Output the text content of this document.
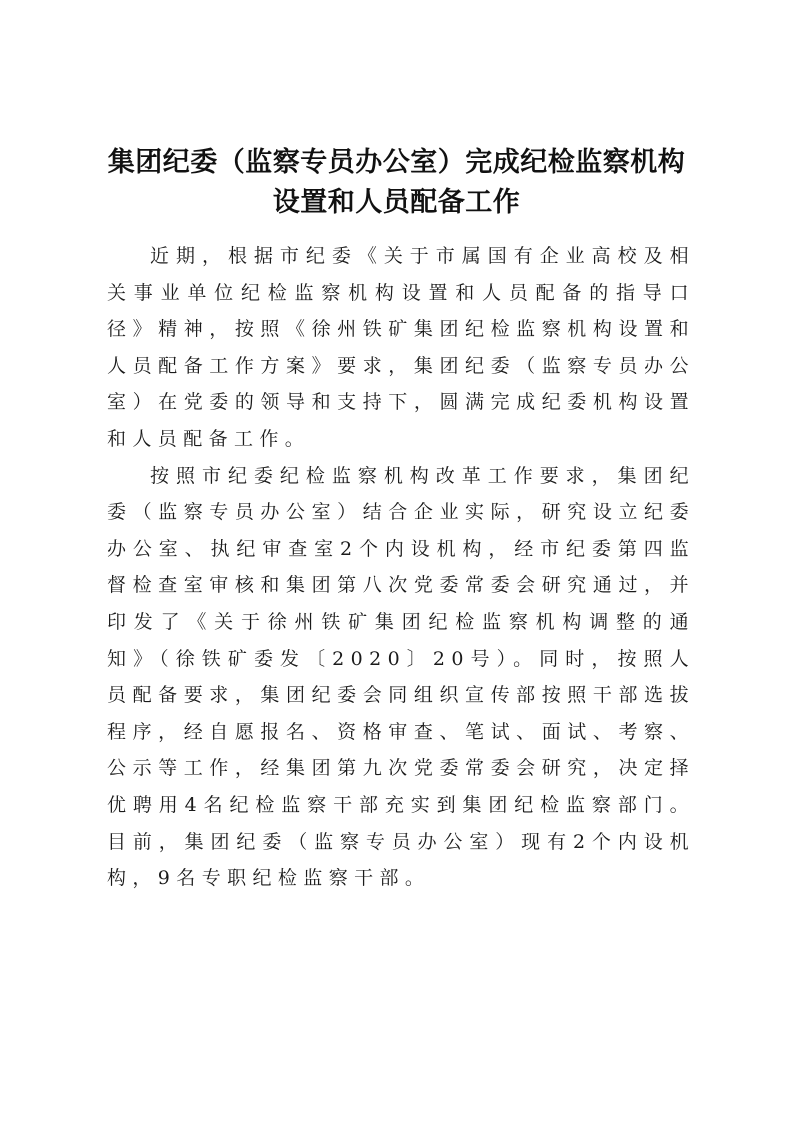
集团纪委（监察专员办公室）完成纪检监察机构设置和人员配备工作

近期，根据市纪委《关于市属国有企业高校及相关事业单位纪检监察机构设置和人员配备的指导口径》精神，按照《徐州铁矿集团纪检监察机构设置和人员配备工作方案》要求，集团纪委（监察专员办公室）在党委的领导和支持下，圆满完成纪委机构设置和人员配备工作。

按照市纪委纪检监察机构改革工作要求，集团纪委（监察专员办公室）结合企业实际，研究设立纪委办公室、执纪审查室2个内设机构，经市纪委第四监督检查室审核和集团第八次党委常委会研究通过，并印发了《关于徐州铁矿集团纪检监察机构调整的通知》（徐铁矿委发〔2020〕20号）。同时，按照人员配备要求，集团纪委会同组织宣传部按照干部选拔程序，经自愿报名、资格审查、笔试、面试、考察、公示等工作，经集团第九次党委常委会研究，决定择优聘用4名纪检监察干部充实到集团纪检监察部门。目前，集团纪委（监察专员办公室）现有2个内设机构，9名专职纪检监察干部。
